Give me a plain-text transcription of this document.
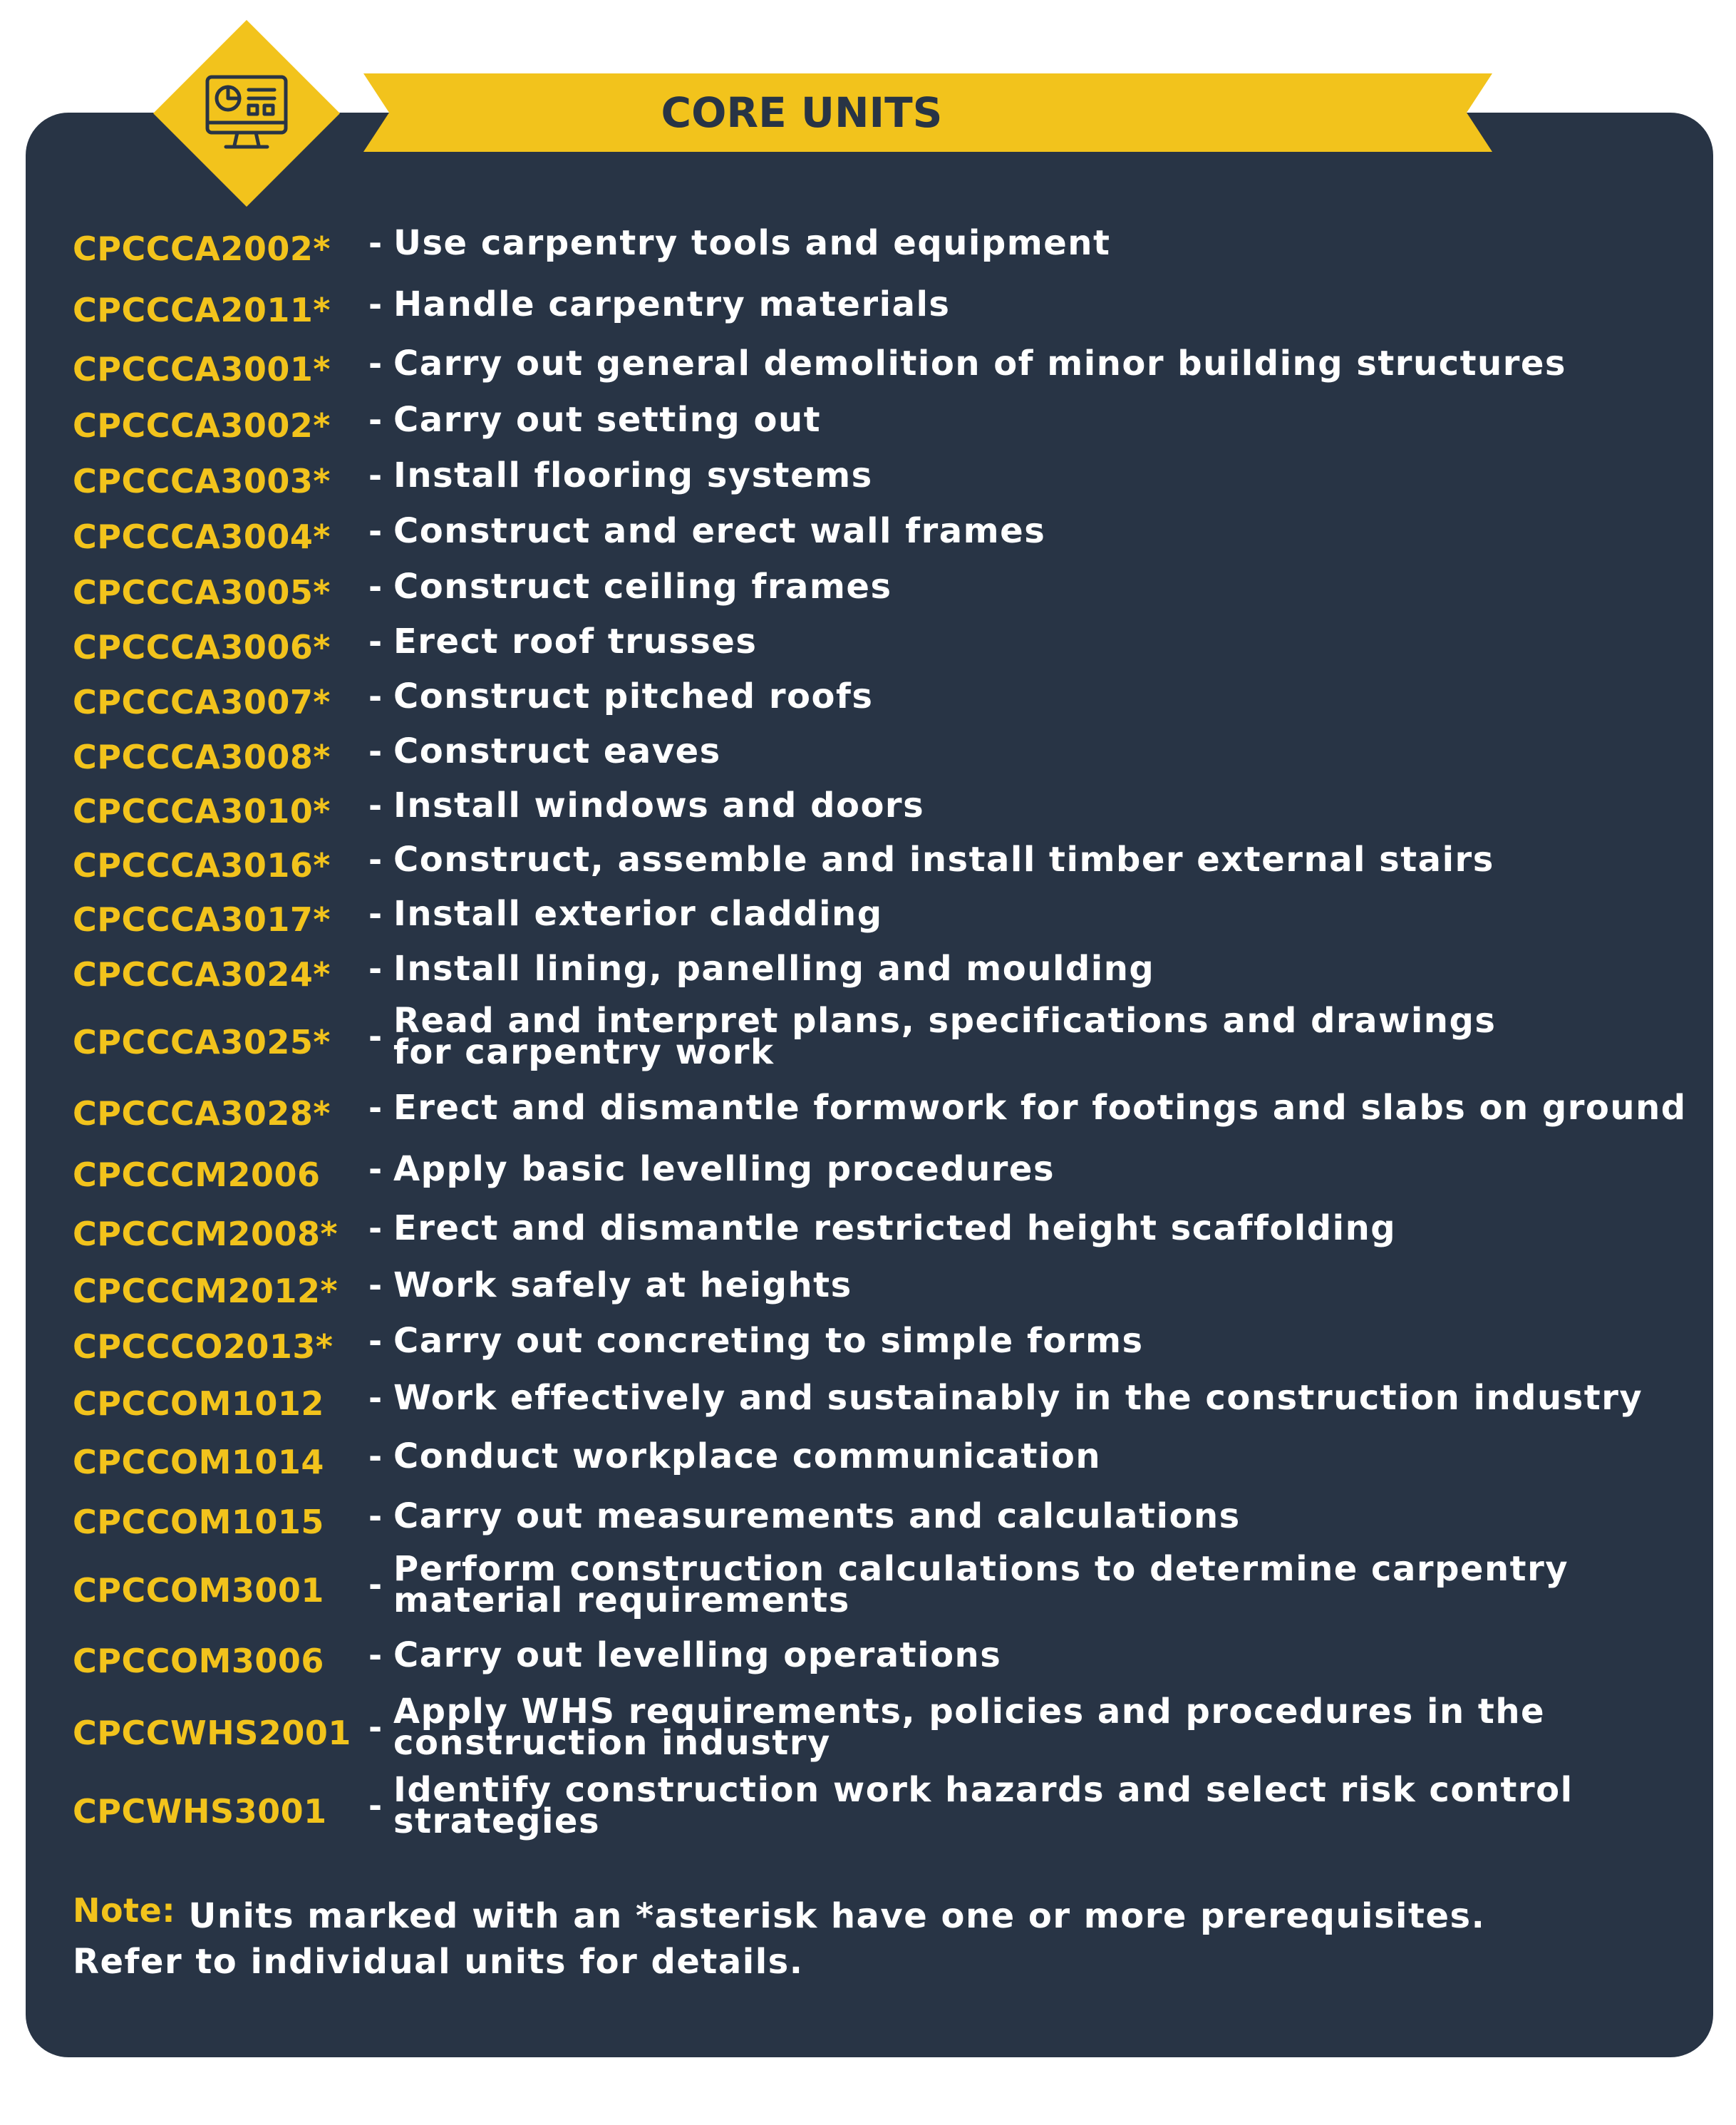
CORE UNITS
CPCCCA2002*	- Use carpentry tools and equipment
CPCCCA2011*	- Handle carpentry materials
CPCCCA3001*	- Carry out general demolition of minor building structures
CPCCCA3002*	- Carry out setting out
CPCCCA3003*	- Install flooring systems
CPCCCA3004*	- Construct and erect wall frames
CPCCCA3005*	- Construct ceiling frames
CPCCCA3006*	- Erect roof trusses
CPCCCA3007*	- Construct pitched roofs
CPCCCA3008*	- Construct eaves
CPCCCA3010*	- Install windows and doors
CPCCCA3016*	- Construct, assemble and install timber external stairs
CPCCCA3017*	- Install exterior cladding
CPCCCA3024*	- Install lining, panelling and moulding
CPCCCA3025*	- Read and interpret plans, specifications and drawings
for carpentry work
CPCCCA3028*	- Erect and dismantle formwork for footings and slabs on ground
CPCCCM2006	- Apply basic levelling procedures
CPCCCM2008* - Erect and dismantle restricted height scaffolding
CPCCCM2012* - Work safely at heights
CPCCCO2013*	- Carry out concreting to simple forms
CPCCOM1012	- Work effectively and sustainably in the construction industry
CPCCOM1014	- Conduct workplace communication
CPCCOM1015	- Carry out measurements and calculations
CPCCOM3001	- Perform construction calculations to determine carpentry
material requirements
CPCCOM3006	- Carry out levelling operations
CPCCWHS2001 - Apply WHS requirements, policies and procedures in the
construction industry
CPCWHS3001	- Identify construction work hazards and select risk control
strategies
Note: Units marked with an *asterisk have one or more prerequisites.
Refer to individual units for details.
